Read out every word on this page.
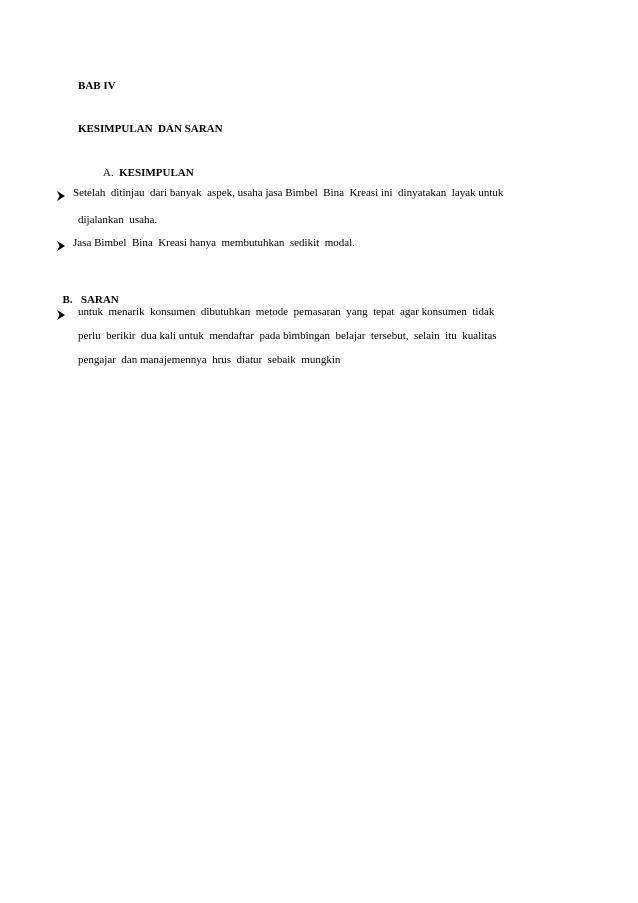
BAB IV
KESIMPULAN  DAN SARAN

A. KESIMPULAN

Setelah  ditinjau  dari banyak  aspek, usaha jasa Bimbel  Bina  Kreasi ini  dinyatakan  layak untuk
dijalankan  usaha.
Jasa Bimbel  Bina  Kreasi hanya  membutuhkan  sedikit  modal.

B. SARAN

untuk  menarik  konsumen  dibutuhkan  metode  pemasaran  yang  tepat  agar konsumen  tidak
perlu  berikir  dua kali untuk  mendaftar  pada bimbingan  belajar  tersebut,  selain  itu  kualitas
pengajar  dan manajemennya  hrus  diatur  sebaik  mungkin
